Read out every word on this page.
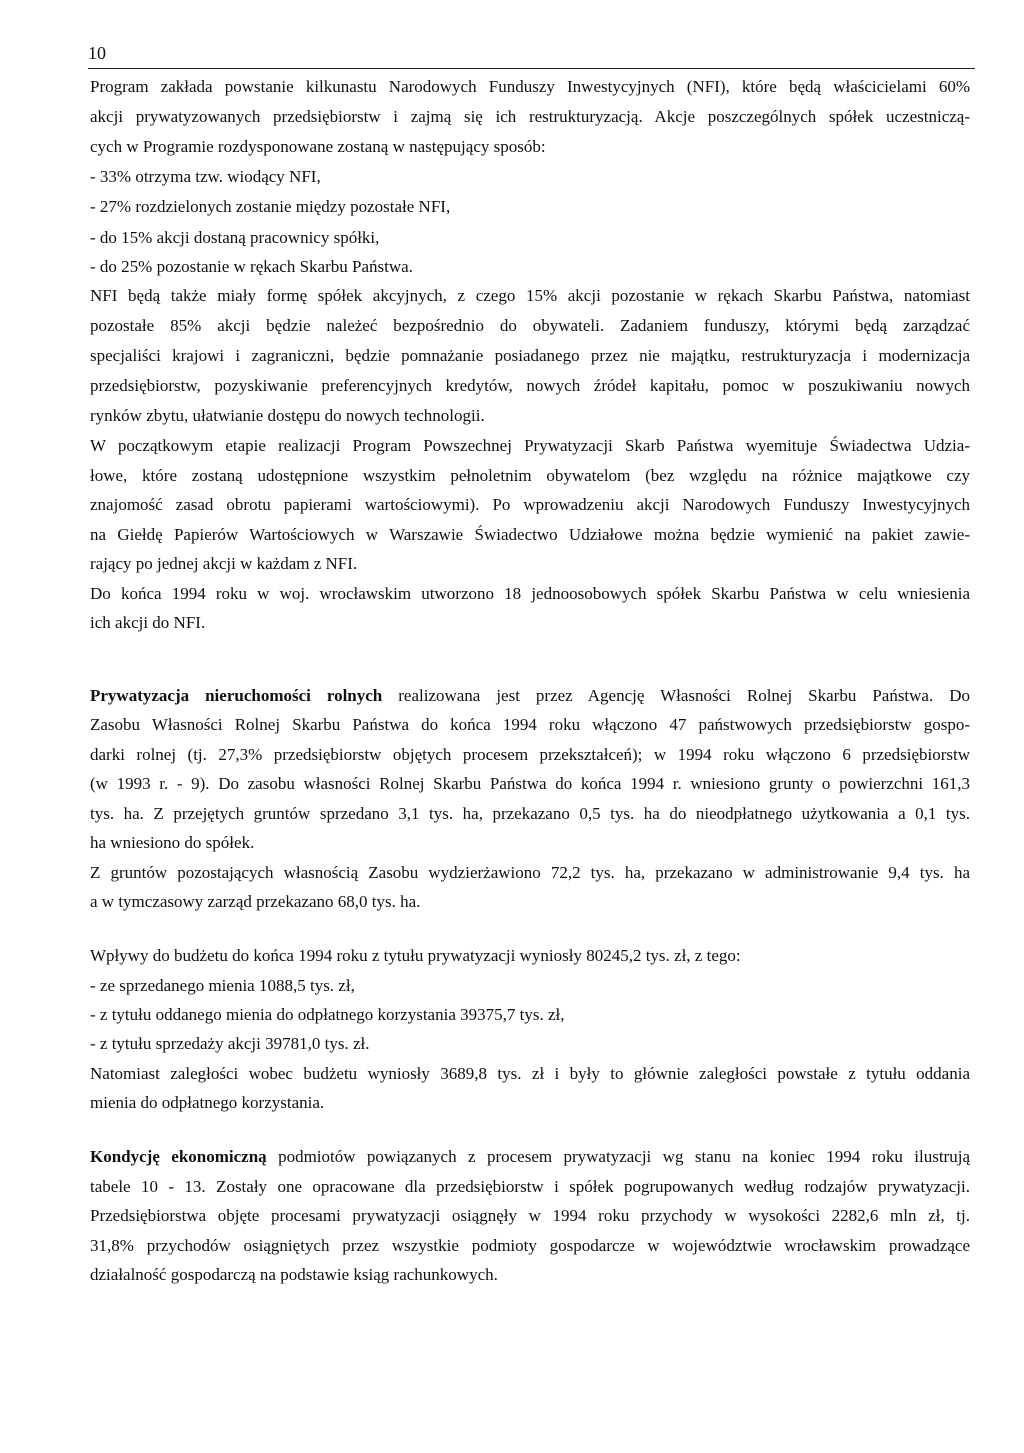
10
Program zakłada powstanie kilkunastu Narodowych Funduszy Inwestycyjnych (NFI), które będą właścicielami 60%
akcji prywatyzowanych przedsiębiorstw i zajmą się ich restrukturyzacją. Akcje poszczególnych spółek uczestniczą-
cych w Programie rozdysponowane zostaną w następujący sposób:
- 33% otrzyma tzw. wiodący NFI,
- 27% rozdzielonych zostanie między pozostałe NFI,
- do 15% akcji dostaną pracownicy spółki,
- do 25% pozostanie w rękach Skarbu Państwa.
NFI będą także miały formę spółek akcyjnych, z czego 15% akcji pozostanie w rękach Skarbu Państwa, natomiast
pozostałe 85% akcji będzie należeć bezpośrednio do obywateli. Zadaniem funduszy, którymi będą zarządzać
specjaliści krajowi i zagraniczni, będzie pomnażanie posiadanego przez nie majątku, restrukturyzacja i modernizacja
przedsiębiorstw, pozyskiwanie preferencyjnych kredytów, nowych źródeł kapitału, pomoc w poszukiwaniu nowych
rynków zbytu, ułatwianie dostępu do nowych technologii.
W początkowym etapie realizacji Program Powszechnej Prywatyzacji Skarb Państwa wyemituje Świadectwa Udzia-
łowe, które zostaną udostępnione wszystkim pełnoletnim obywatelom (bez względu na różnice majątkowe czy
znajomość zasad obrotu papierami wartościowymi). Po wprowadzeniu akcji Narodowych Funduszy Inwestycyjnych
na Giełdę Papierów Wartościowych w Warszawie Świadectwo Udziałowe można będzie wymienić na pakiet zawie-
rający po jednej akcji w każdam z NFI.
Do końca 1994 roku w woj. wrocławskim utworzono 18 jednoosobowych spółek Skarbu Państwa w celu wniesienia
ich akcji do NFI.
Prywatyzacja nieruchomości rolnych realizowana jest przez Agencję Własności Rolnej Skarbu Państwa. Do
Zasobu Własności Rolnej Skarbu Państwa do końca 1994 roku włączono 47 państwowych przedsiębiorstw gospo-
darki rolnej (tj. 27,3% przedsiębiorstw objętych procesem przekształceń); w 1994 roku włączono 6 przedsiębiorstw
(w 1993 r. - 9). Do zasobu własności Rolnej Skarbu Państwa do końca 1994 r. wniesiono grunty o powierzchni 161,3
tys. ha. Z przejętych gruntów sprzedano 3,1 tys. ha, przekazano 0,5 tys. ha do nieodpłatnego użytkowania a 0,1 tys.
ha wniesiono do spółek.
Z gruntów pozostających własnością Zasobu wydzierżawiono 72,2 tys. ha, przekazano w administrowanie 9,4 tys. ha
a w tymczasowy zarząd przekazano 68,0 tys. ha.
Wpływy do budżetu do końca 1994 roku z tytułu prywatyzacji wyniosły 80245,2 tys. zł, z tego:
- ze sprzedanego mienia 1088,5 tys. zł,
- z tytułu oddanego mienia do odpłatnego korzystania 39375,7 tys. zł,
- z tytułu sprzedaży akcji 39781,0 tys. zł.
Natomiast zaległości wobec budżetu wyniosły 3689,8 tys. zł i były to głównie zaległości powstałe z tytułu oddania
mienia do odpłatnego korzystania.
Kondycję ekonomiczną podmiotów powiązanych z procesem prywatyzacji wg stanu na koniec 1994 roku ilustrują
tabele 10 - 13. Zostały one opracowane dla przedsiębiorstw i spółek pogrupowanych według rodzajów prywatyzacji.
Przedsiębiorstwa objęte procesami prywatyzacji osiągnęły w 1994 roku przychody w wysokości 2282,6 mln zł, tj.
31,8% przychodów osiągniętych przez wszystkie podmioty gospodarcze w województwie wrocławskim prowadzące
działalność gospodarczą na podstawie ksiąg rachunkowych.
